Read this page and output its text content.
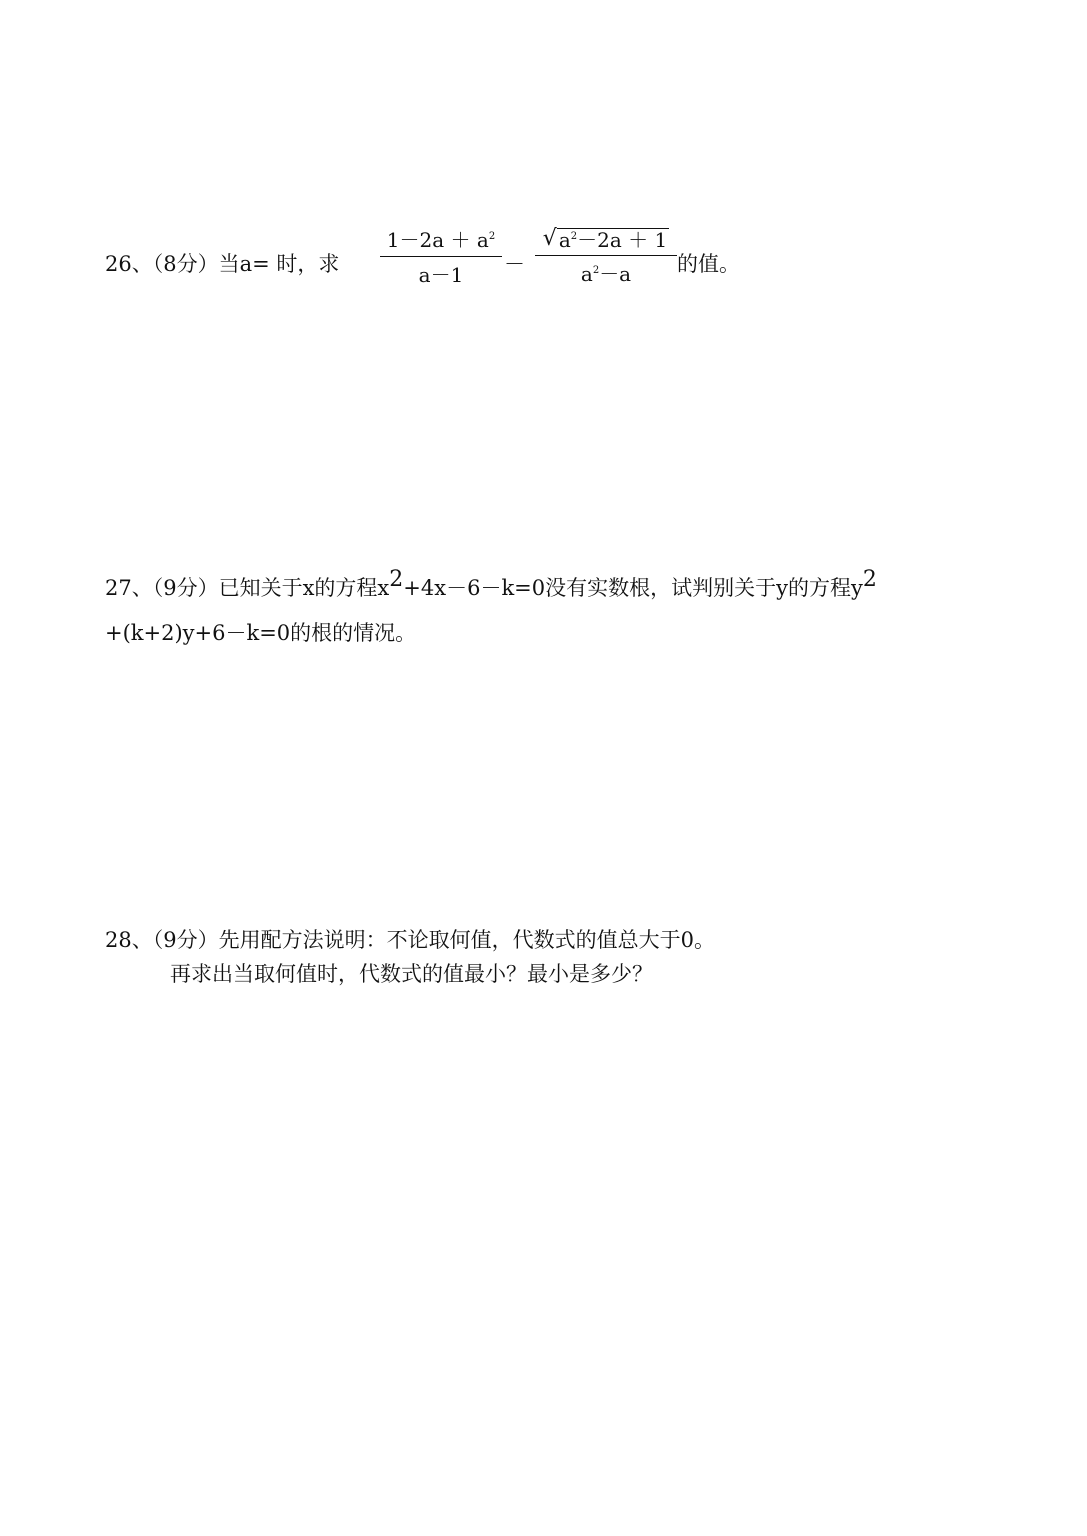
26、（8分）当a= 时，求
$1-2a + a^2$
a－1	－
√ $a^2-2a + 1$
$a^2-a$	的值。
27、（9分）已知关于x的方程$x^2+4x-6-k=0$没有实数根，试判别关于y的方程$y^2$
+(k+2)y+6－k=0的根的情况。
28、（9分）先用配方法说明：不论取何值，代数式的值总大于0。
再求出当取何值时，代数式的值最小？最小是多少？
